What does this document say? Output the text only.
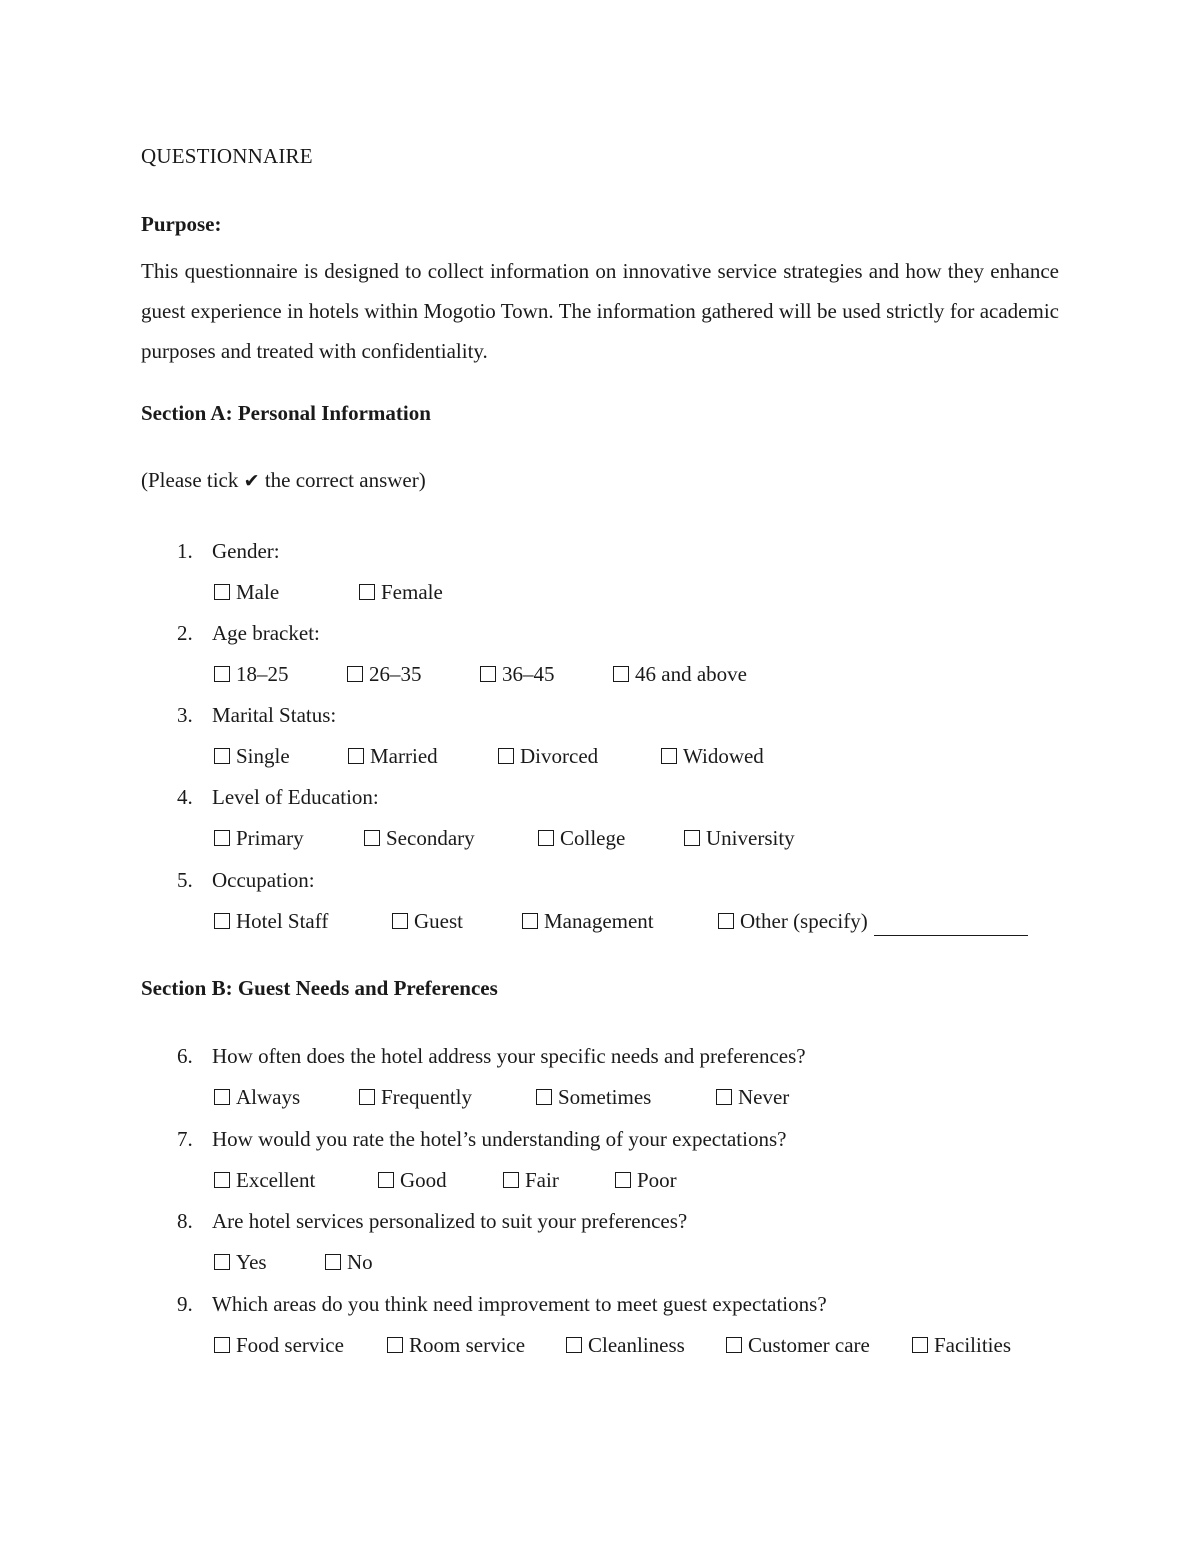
QUESTIONNAIRE

Purpose:

This questionnaire is designed to collect information on innovative service strategies and how they enhance guest experience in hotels within Mogotio Town. The information gathered will be used strictly for academic purposes and treated with confidentiality.

Section A: Personal Information

(Please tick ✔ the correct answer)

1. Gender:
Male	Female
2. Age bracket:
18–25	26–35	36–45	46 and above
3. Marital Status:
Single	Married	Divorced	Widowed
4. Level of Education:
Primary	Secondary	College	University
5. Occupation:
Hotel Staff	Guest	Management	Other (specify)
Section B: Guest Needs and Preferences
6. How often does the hotel address your specific needs and preferences?
Always	Frequently	Sometimes	Never
7. How would you rate the hotel’s understanding of your expectations?
Excellent	Good	Fair	Poor
8. Are hotel services personalized to suit your preferences?
Yes	No
9. Which areas do you think need improvement to meet guest expectations?
Food service	Room service	Cleanliness	Customer care	Facilities
